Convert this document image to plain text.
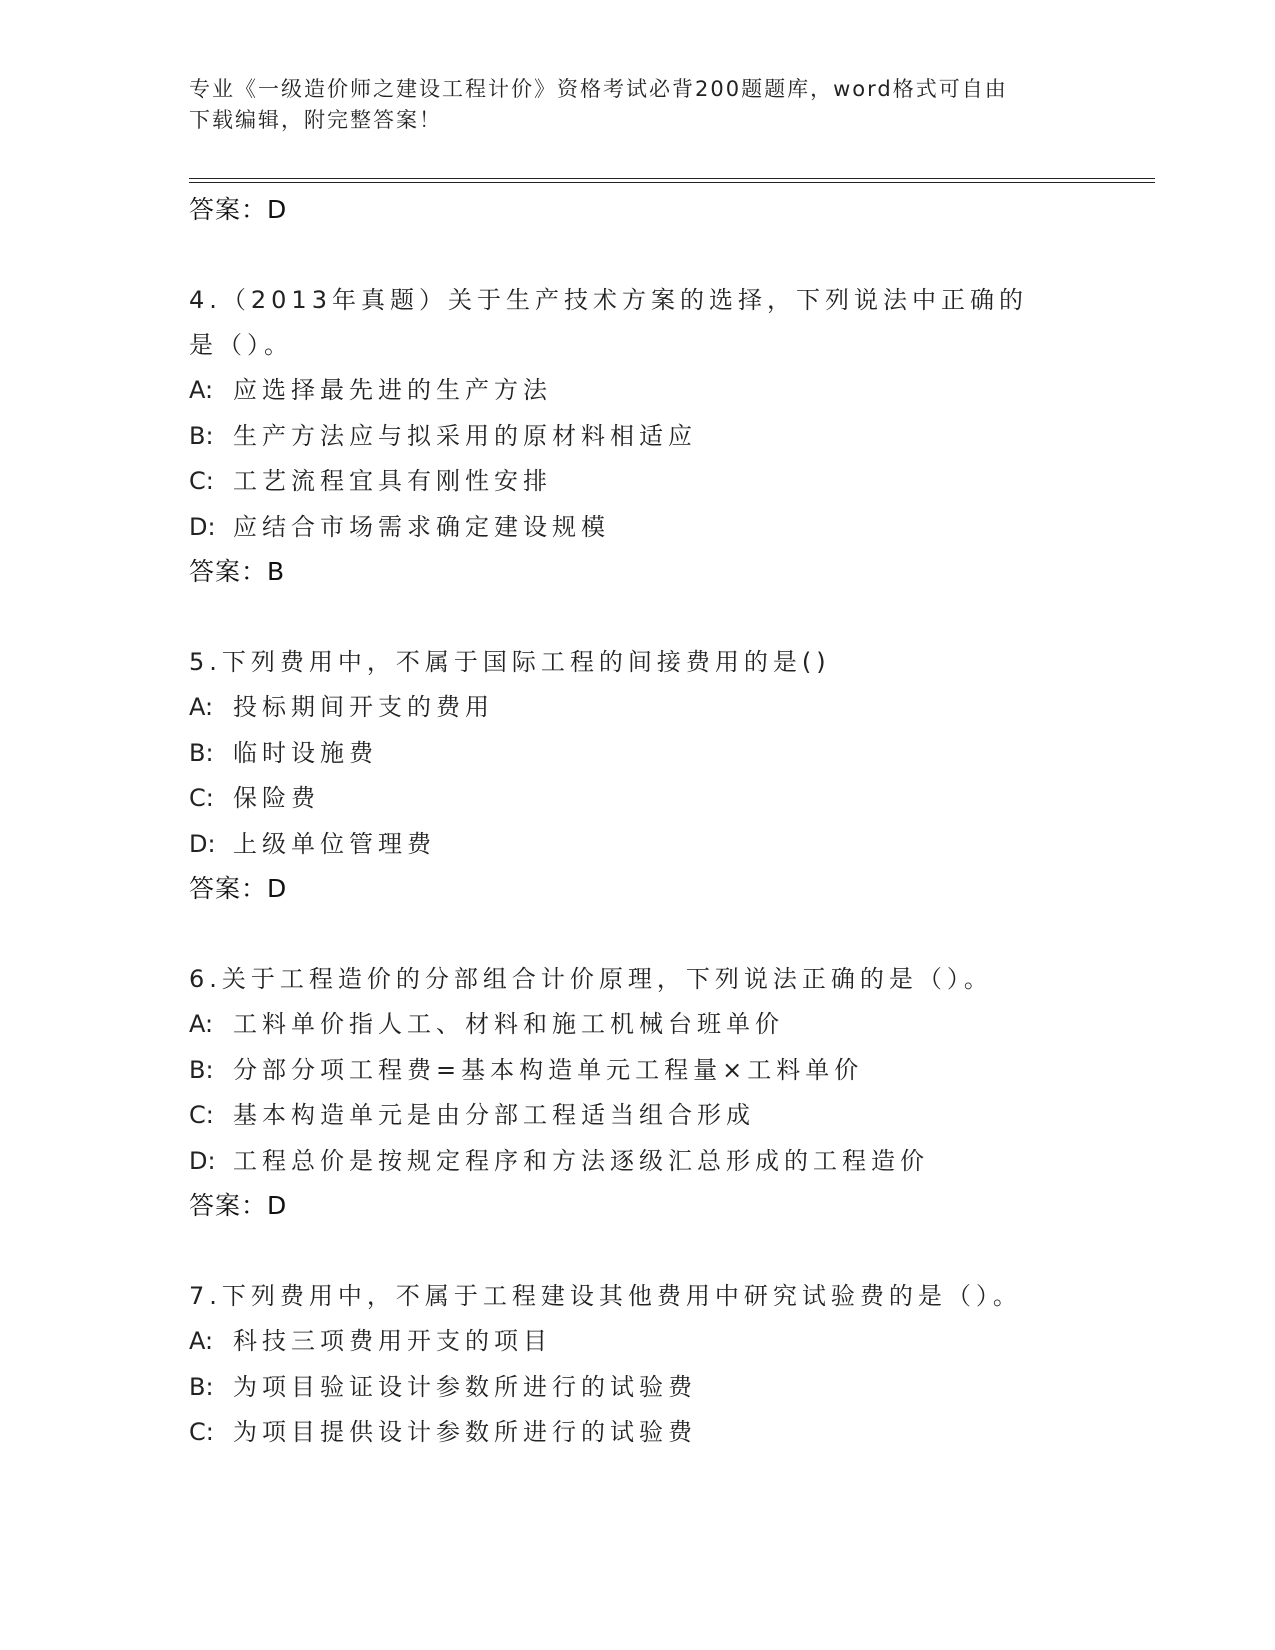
专业《一级造价师之建设工程计价》资格考试必背200题题库，word格式可自由
下载编辑，附完整答案！
答案：D
4.（2013年真题）关于生产技术方案的选择，下列说法中正确的是（）。
A: 应选择最先进的生产方法
B: 生产方法应与拟采用的原材料相适应
C: 工艺流程宜具有刚性安排
D: 应结合市场需求确定建设规模
答案：B
5.下列费用中，不属于国际工程的间接费用的是()
A: 投标期间开支的费用
B: 临时设施费
C: 保险费
D: 上级单位管理费
答案：D
6.关于工程造价的分部组合计价原理，下列说法正确的是（）。
A: 工料单价指人工、材料和施工机械台班单价
B: 分部分项工程费=基本构造单元工程量×工料单价
C: 基本构造单元是由分部工程适当组合形成
D: 工程总价是按规定程序和方法逐级汇总形成的工程造价
答案：D
7.下列费用中，不属于工程建设其他费用中研究试验费的是（）。
A: 科技三项费用开支的项目
B: 为项目验证设计参数所进行的试验费
C: 为项目提供设计参数所进行的试验费
